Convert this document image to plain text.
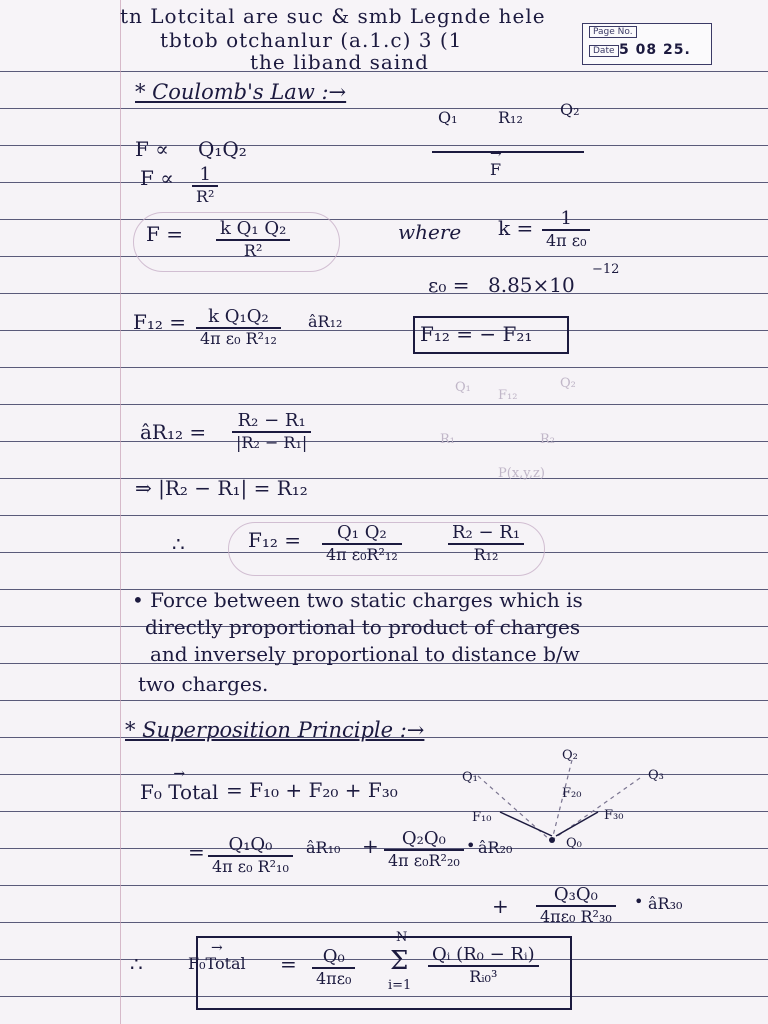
tn Lotcital are suc & smb Legnde hele
tbtob otchanlur (a.1.c) 3 (1
the liband saind
Page No.
Date 5 08 25.
* Coulomb's Law :→
Q₁	R₁₂ Q₂
→ F
F ∝ Q₁Q₂
$F \propto \frac{1}{\text{R²}}$
$F = \frac{\text{k Q₁ Q₂}}{\text{R²}}$	where $k = \frac{1}{\text{4π ε₀}}$
ε₀ = 8.85×10
−12
$F_{12} = \frac{\text{k Q₁Q₂}}{\text{4π ε₀ R²₁₂}}$ âR₁₂
F₁₂ = − F₂₁
Q₁	Q₂
R₁	R₂
P(x,y,z)
F₁₂
âR₁₂ = $\frac{\text{R₂ − R₁}}{\text{|R₂ − R₁|}}$
⇒ |R₂ − R₁| = R₁₂
∴	$F_{12} = \frac{\text{Q₁ Q₂}}{\text{4π ε₀R²₁₂}}$	$\frac{\text{R₂ − R₁}}{\text{R₁₂}}$
• Force between two static charges which is
directly proportional to product of charges
and inversely proportional to distance b/w
two charges.
* Superposition Principle :→
→ F₀ Total = F₁₀ + F₂₀ + F₃₀
Q₂
Q₃
Q₁
Q₀
F₁₀
F₂₀
F₃₀
= $\frac{\text{Q₁Q₀}}{\text{4π ε₀ R²₁₀}}$ âR₁₀ + $\frac{\text{Q₂Q₀}}{\text{4π ε₀R²₂₀}}$ • âR₂₀
+ $\frac{\text{Q₃Q₀}}{\text{4πε₀ R²₃₀}}$ • âR₃₀
∴
→	F₀Total = $\frac{\text{Q₀}}{\text{4πε₀}}$
N
Σ
$i=1 \frac{\text{Qᵢ (R₀ − Rᵢ)}}{\text{Rᵢ₀³}}$
